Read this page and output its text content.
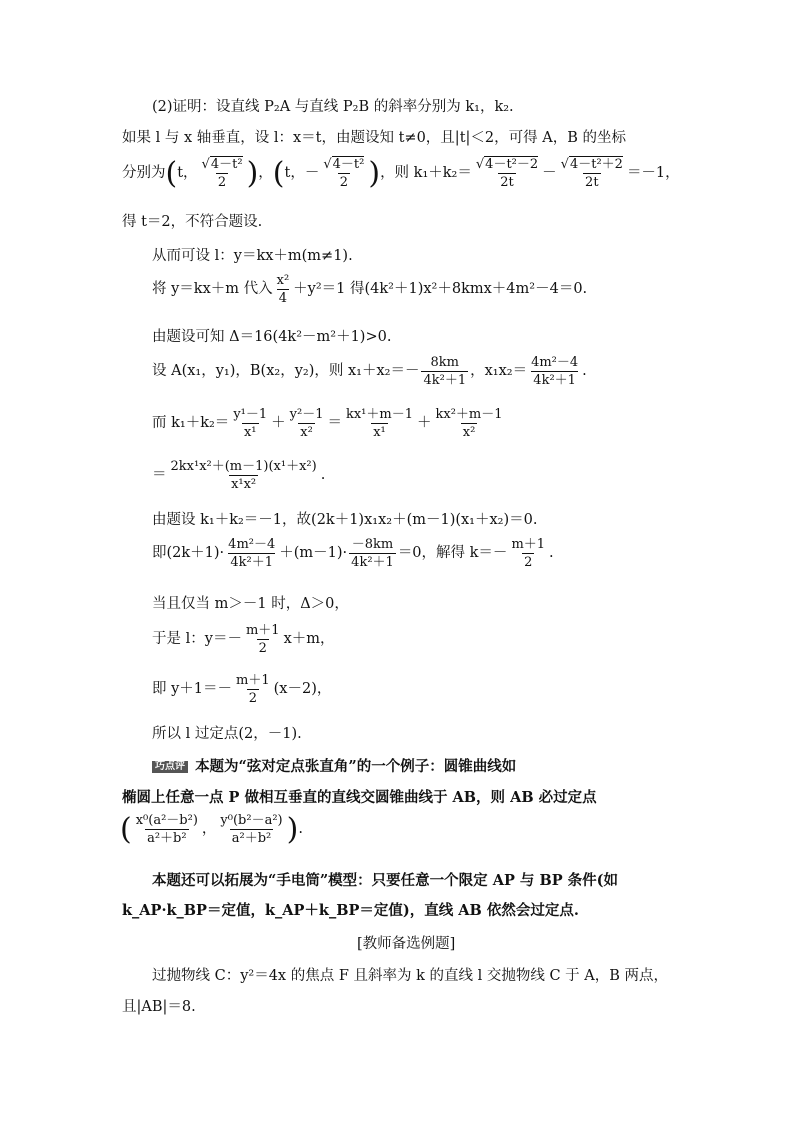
(2)证明：设直线 P₂A 与直线 P₂B 的斜率分别为 k₁，k₂.
如果 l 与 x 轴垂直，设 l：x＝t，由题设知 t≠0，且|t|＜2，可得 A，B 的坐标
分别为 ( t， $\frac{\text{√4－t²}}{2}$ ) ， ( t，－ $\frac{\text{√4－t²}}{2}$ ) ，则 $k_1+k_2= \frac{\text{√4－t²－2}}{2t} - \frac{\text{√4－t²＋2}}{2t} =-1$，
得 t＝2，不符合题设.
从而可设 l：y＝kx＋m(m≠1).
将 y＝kx＋m 代入 $\frac{\text{x²}}{4} +y^2=1$ 得(4k²＋1)x²＋8kmx＋4m²－4＝0.
由题设可知 Δ＝16(4k²－m²＋1)>0.
设 A(x₁，y₁)，B(x₂，y₂)，则 $x_1+x_2=- \frac{8km}{\text{4k²＋1}}$ ，$x_1x_2= \frac{\text{4m²－4}}{\text{4k²＋1}}$ .
而 $k_1+k_2= \frac{\text{y¹－1}}{\text{x¹}} + \frac{\text{y²－1}}{\text{x²}} = \frac{\text{kx¹＋m－1}}{\text{x¹}} + \frac{\text{kx²＋m－1}}{\text{x²}}$
＝ $\frac{\text{2kx¹x²＋(m－1)(x¹＋x²)}}{\text{x¹x²}}$ .
由题设 k₁＋k₂＝－1，故(2k＋1)x₁x₂＋(m－1)(x₁＋x₂)＝0.
即$(2k+1)\cdot \frac{\text{4m²－4}}{\text{4k²＋1}} +(m-1)\cdot \frac{-8km}{\text{4k²＋1}} =0$，解得 $k=- \frac{m+1}{2}$ .
当且仅当 m＞－1 时，Δ＞0，
于是 l：$y=- \frac{m+1}{2} x+m$，
即 $y+1=- \frac{m+1}{2} (x-2)$，
所以 l 过定点(2，－1).
巧点评 本题为“弦对定点张直角”的一个例子：圆锥曲线如
椭圆上任意一点 P 做相互垂直的直线交圆锥曲线于 AB，则 AB 必过定点
( $\frac{\text{x⁰(a²－b²)}}{\text{a²＋b²}}$ ， $\frac{\text{y⁰(b²－a²)}}{\text{a²＋b²}}$ ) .
本题还可以拓展为“手电筒”模型：只要任意一个限定 AP 与 BP 条件(如
k_AP·k_BP＝定值，k_AP＋k_BP＝定值)，直线 AB 依然会过定点.
[教师备选例题]
过抛物线 C：y²＝4x 的焦点 F 且斜率为 k 的直线 l 交抛物线 C 于 A，B 两点，
且|AB|＝8.
